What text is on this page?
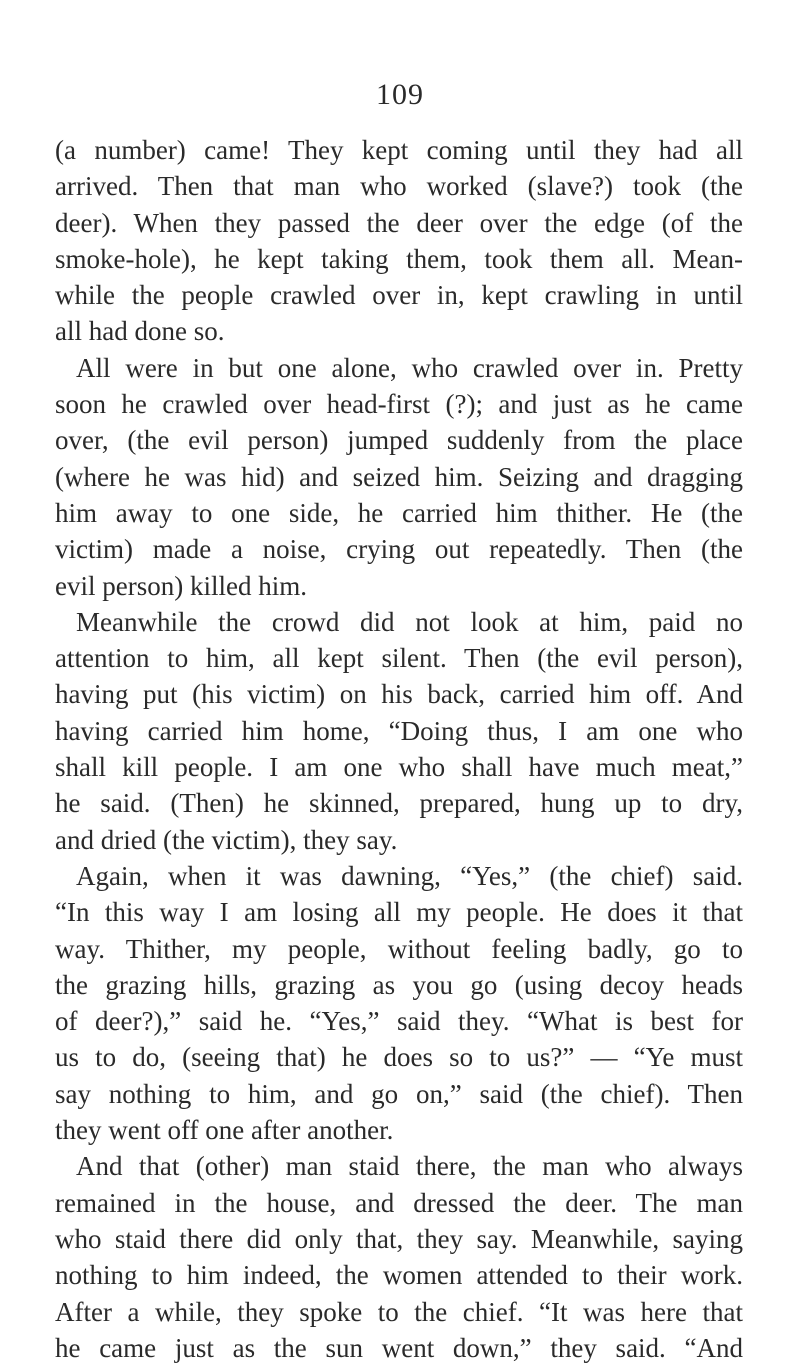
109
(a number) came! They kept coming until they had all
arrived. Then that man who worked (slave?) took (the
deer). When they passed the deer over the edge (of the
smoke-hole), he kept taking them, took them all. Mean-
while the people crawled over in, kept crawling in until
all had done so.
All were in but one alone, who crawled over in. Pretty
soon he crawled over head-first (?); and just as he came
over, (the evil person) jumped suddenly from the place
(where he was hid) and seized him. Seizing and dragging
him away to one side, he carried him thither. He (the
victim) made a noise, crying out repeatedly. Then (the
evil person) killed him.
Meanwhile the crowd did not look at him, paid no
attention to him, all kept silent. Then (the evil person),
having put (his victim) on his back, carried him off. And
having carried him home, “Doing thus, I am one who
shall kill people. I am one who shall have much meat,”
he said. (Then) he skinned, prepared, hung up to dry,
and dried (the victim), they say.
Again, when it was dawning, “Yes,” (the chief) said.
“In this way I am losing all my people. He does it that
way. Thither, my people, without feeling badly, go to
the grazing hills, grazing as you go (using decoy heads
of deer?),” said he. “Yes,” said they. “What is best for
us to do, (seeing that) he does so to us?” — “Ye must
say nothing to him, and go on,” said (the chief). Then
they went off one after another.
And that (other) man staid there, the man who always
remained in the house, and dressed the deer. The man
who staid there did only that, they say. Meanwhile, saying
nothing to him indeed, the women attended to their work.
After a while, they spoke to the chief. “It was here that
he came just as the sun went down,” they said. “And
